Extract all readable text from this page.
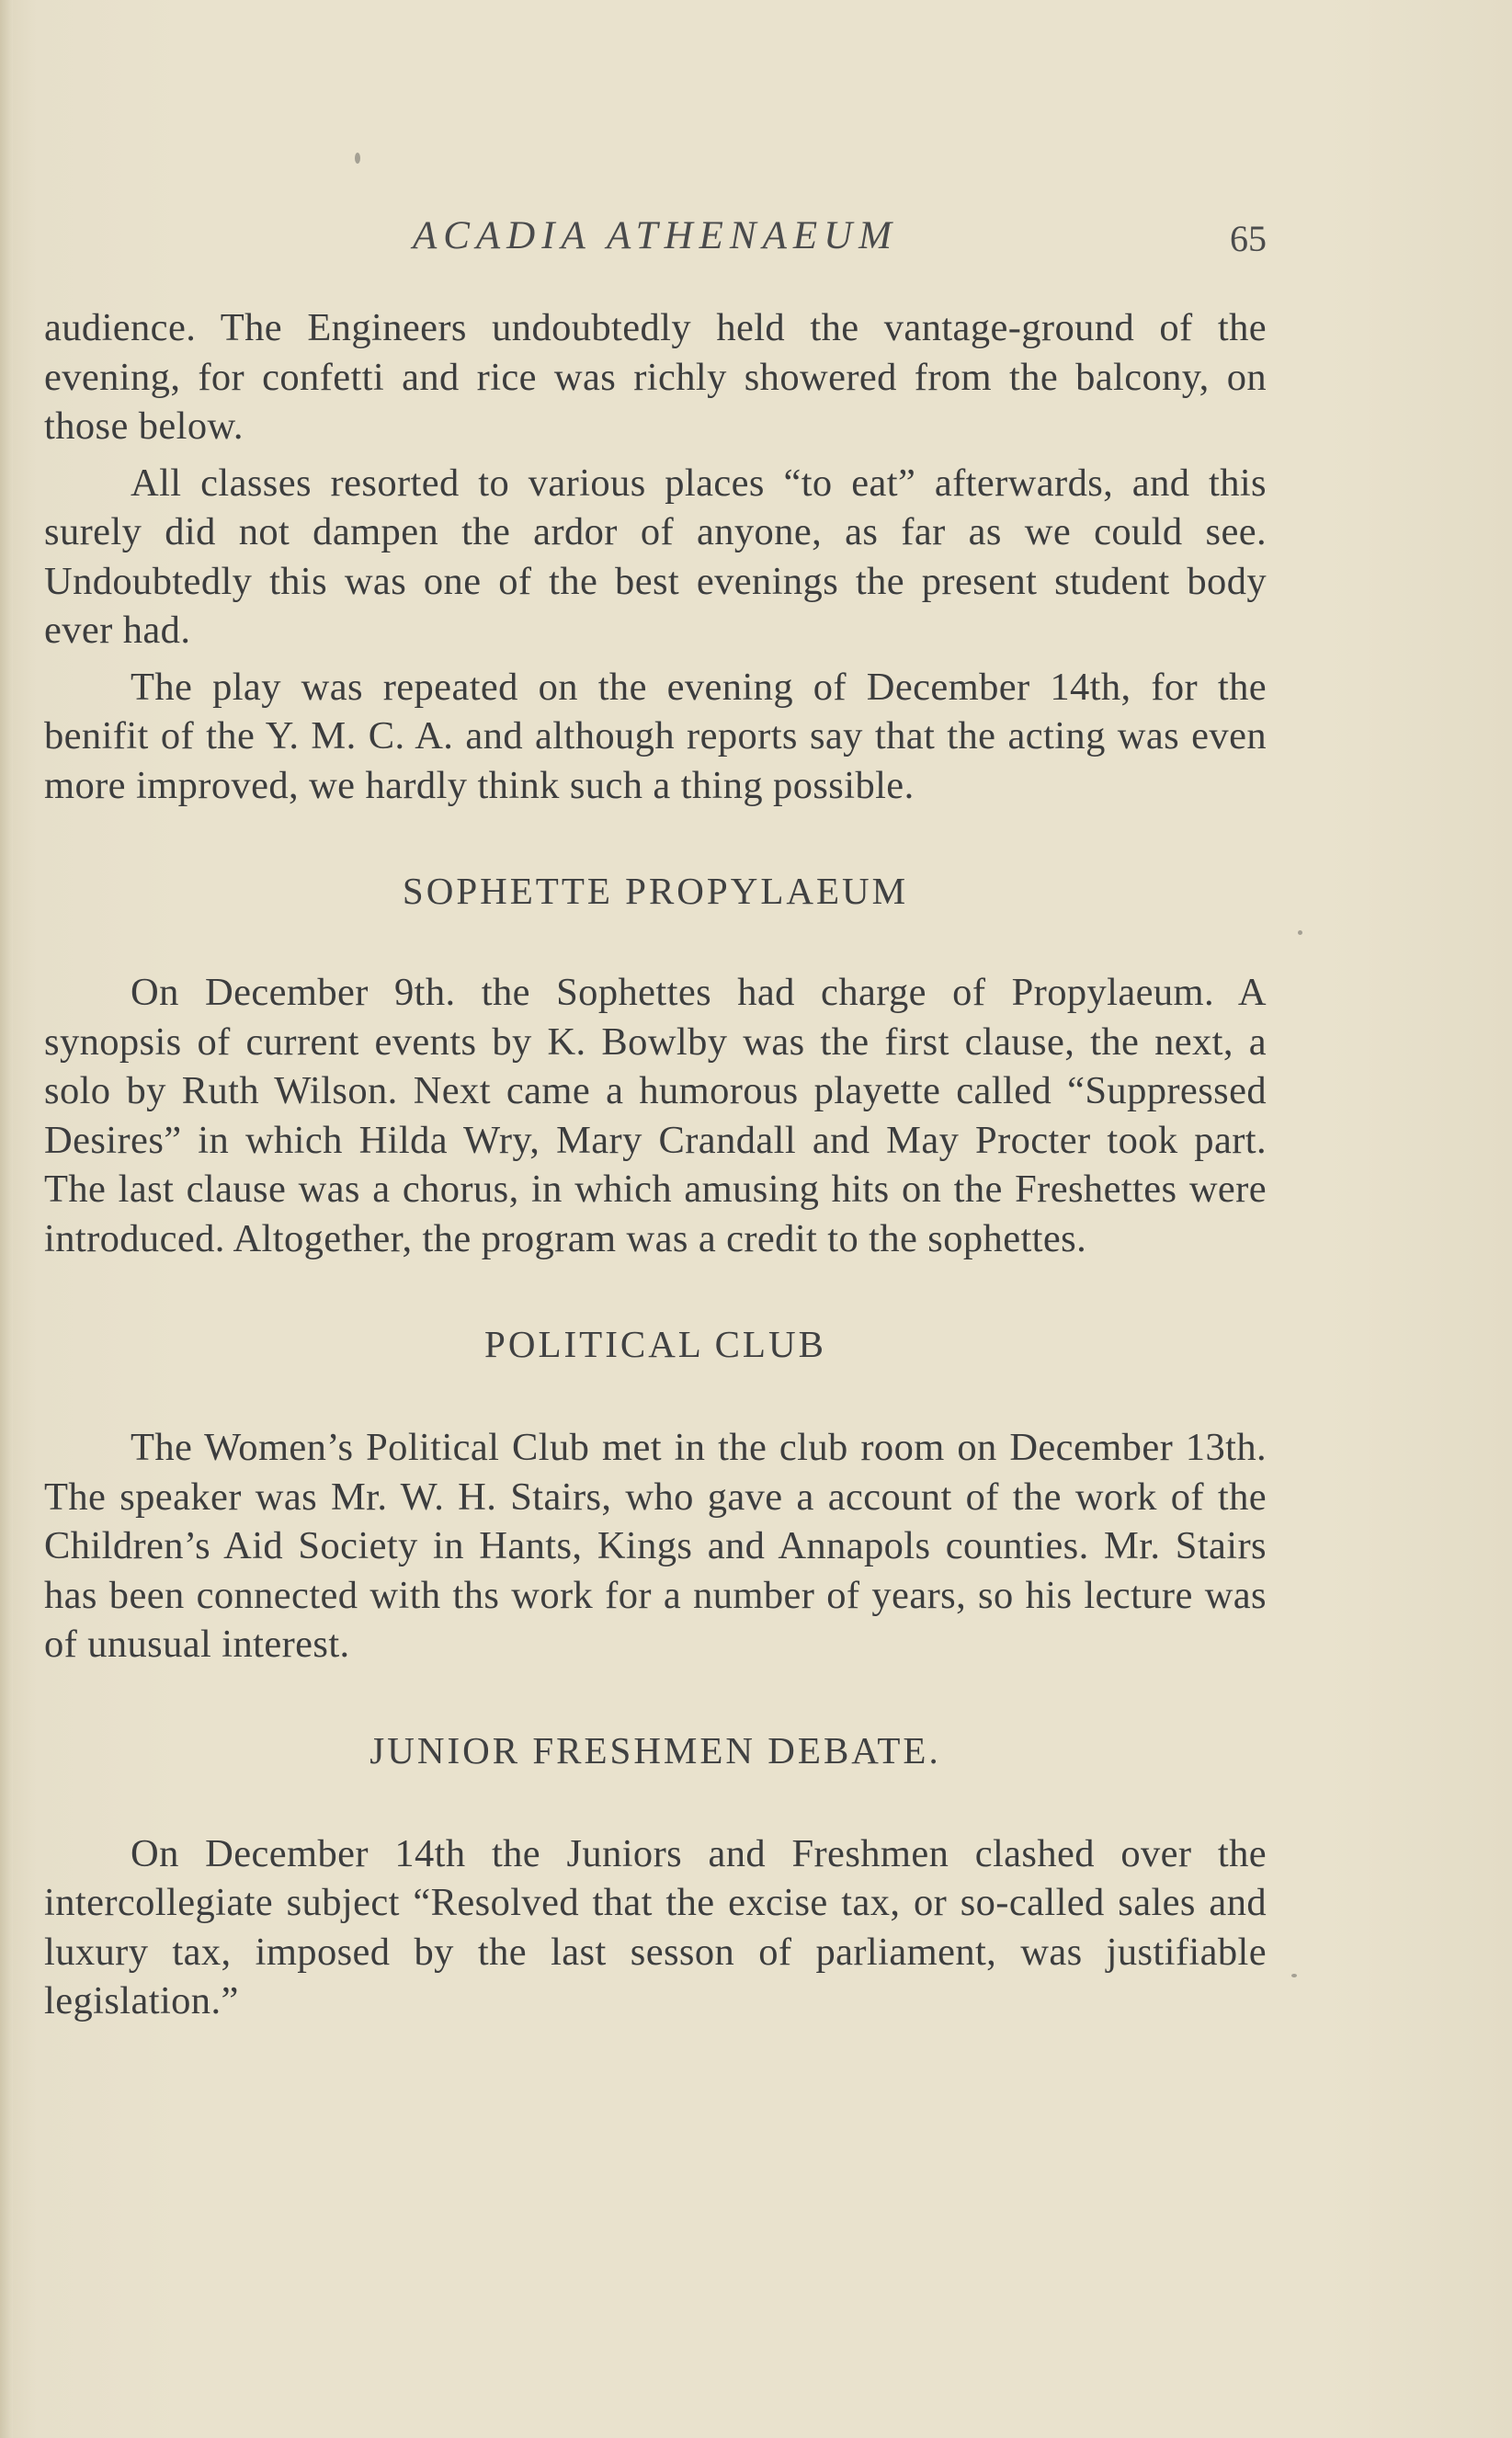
ACADIA ATHENAEUM	65

audience. The Engineers undoubtedly held the vantage-ground of the evening, for confetti and rice was richly showered from the balcony, on those below.

All classes resorted to various places “to eat” afterwards, and this surely did not dampen the ardor of anyone, as far as we could see. Undoubtedly this was one of the best evenings the present student body ever had.

The play was repeated on the evening of December 14th, for the benifit of the Y. M. C. A. and although reports say that the acting was even more improved, we hardly think such a thing possible.

SOPHETTE PROPYLAEUM

On December 9th. the Sophettes had charge of Propylaeum. A synopsis of current events by K. Bowlby was the first clause, the next, a solo by Ruth Wilson. Next came a humorous playette called “Suppressed Desires” in which Hilda Wry, Mary Crandall and May Procter took part. The last clause was a chorus, in which amusing hits on the Freshettes were introduced. Altogether, the program was a credit to the sophettes.

POLITICAL CLUB

The Women’s Political Club met in the club room on December 13th. The speaker was Mr. W. H. Stairs, who gave a account of the work of the Children’s Aid Society in Hants, Kings and Annapols counties. Mr. Stairs has been connected with ths work for a number of years, so his lecture was of unusual interest.

JUNIOR FRESHMEN DEBATE.

On December 14th the Juniors and Freshmen clashed over the intercollegiate subject “Resolved that the excise tax, or so-called sales and luxury tax, imposed by the last sesson of parliament, was justifiable legislation.”
